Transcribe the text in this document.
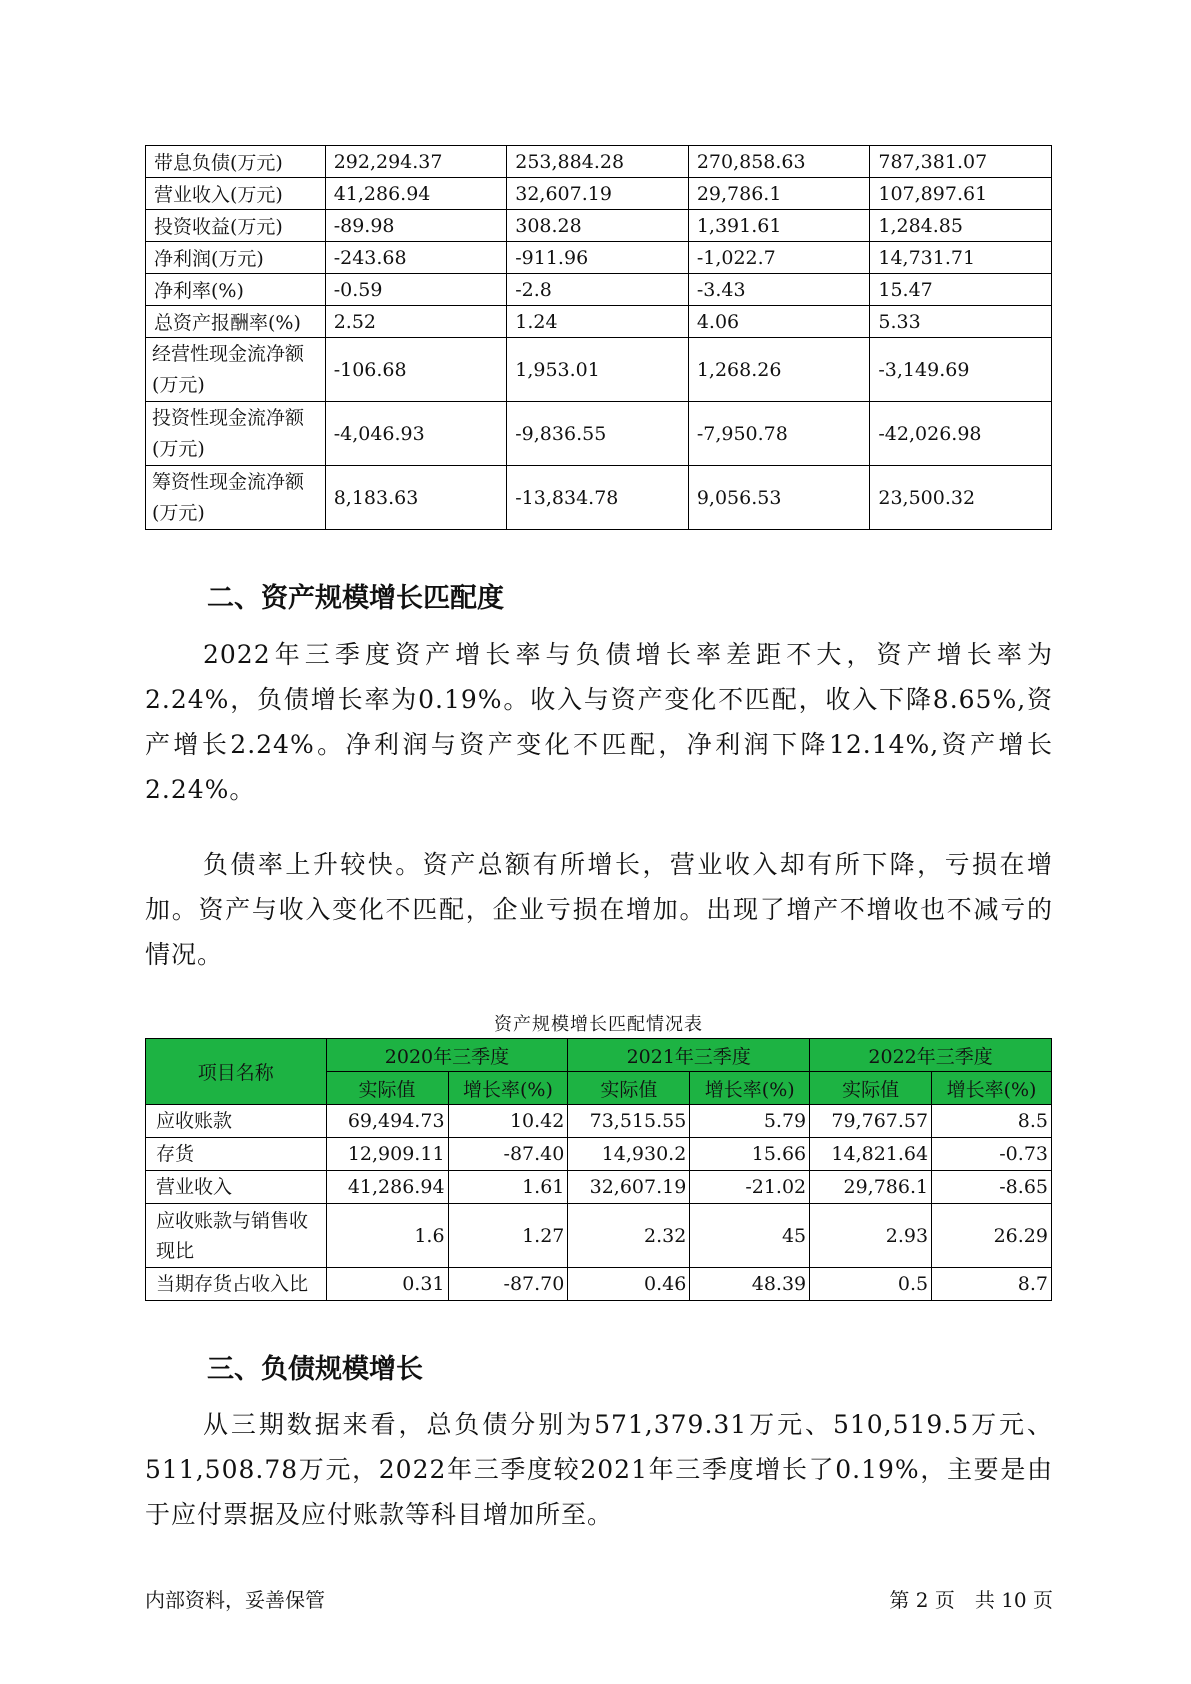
带息负债(万元)	292,294.37	253,884.28	270,858.63	787,381.07
营业收入(万元)	41,286.94	32,607.19	29,786.1	107,897.61
投资收益(万元)	-89.98	308.28	1,391.61	1,284.85
净利润(万元)	-243.68	-911.96	-1,022.7	14,731.71
净利率(%)	-0.59	-2.8	-3.43	15.47
总资产报酬率(%)	2.52	1.24	4.06	5.33
经营性现金流净额(万元)	-106.68	1,953.01	1,268.26	-3,149.69
投资性现金流净额(万元)	-4,046.93	-9,836.55	-7,950.78	-42,026.98
筹资性现金流净额(万元)	8,183.63	-13,834.78	9,056.53	23,500.32
二、资产规模增长匹配度

2022年三季度资产增长率与负债增长率差距不大，资产增长率为2.24%，负债增长率为0.19%。收入与资产变化不匹配，收入下降8.65%,资产增长2.24%。净利润与资产变化不匹配，净利润下降12.14%,资产增长2.24%。

负债率上升较快。资产总额有所增长，营业收入却有所下降，亏损在增加。资产与收入变化不匹配，企业亏损在增加。出现了增产不增收也不减亏的情况。

资产规模增长匹配情况表
项目名称	2020年三季度		2021年三季度		2022年三季度	
	实际值	增长率(%)	实际值	增长率(%)	实际值	增长率(%)
应收账款	69,494.73	10.42	73,515.55	5.79	79,767.57	8.5
存货	12,909.11	-87.40	14,930.2	15.66	14,821.64	-0.73
营业收入	41,286.94	1.61	32,607.19	-21.02	29,786.1	-8.65
应收账款与销售收现比	1.6	1.27	2.32	45	2.93	26.29
当期存货占收入比	0.31	-87.70	0.46	48.39	0.5	8.7
三、负债规模增长

从三期数据来看，总负债分别为571,379.31万元、510,519.5万元、511,508.78万元，2022年三季度较2021年三季度增长了0.19%，主要是由于应付票据及应付账款等科目增加所至。

内部资料，妥善保管	第 2 页　共 10 页
